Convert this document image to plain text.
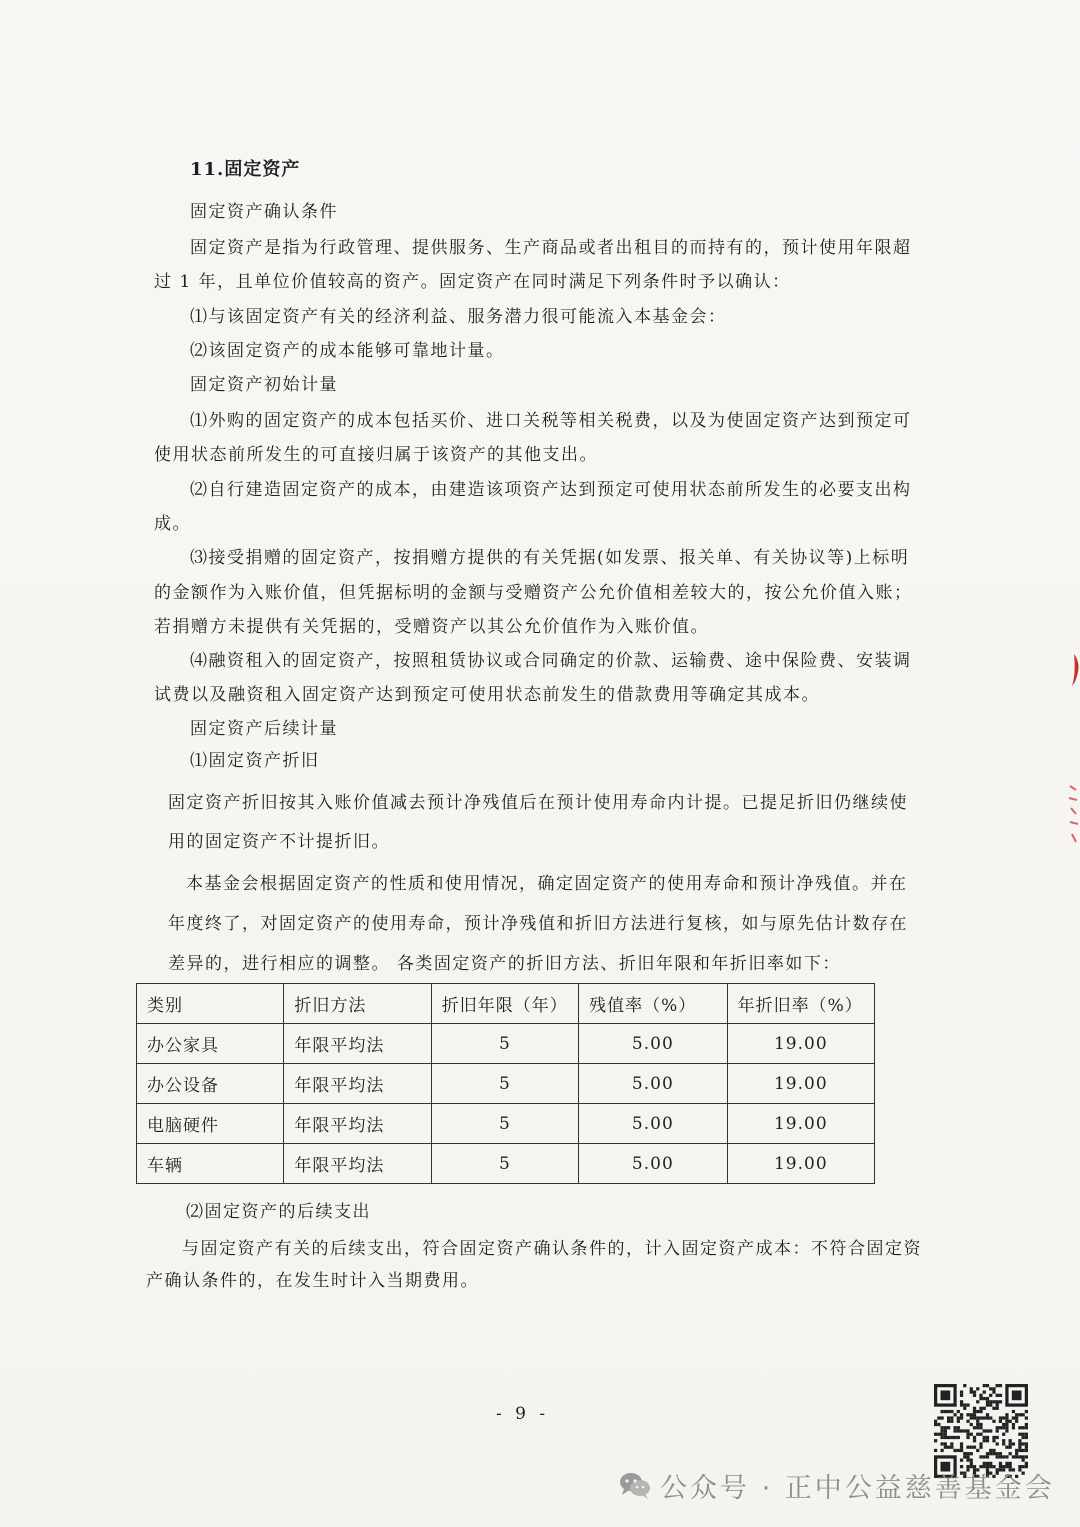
11.固定资产
固定资产确认条件
固定资产是指为行政管理、提供服务、生产商品或者出租目的而持有的，预计使用年限超
过 1 年，且单位价值较高的资产。固定资产在同时满足下列条件时予以确认：
⑴与该固定资产有关的经济利益、服务潜力很可能流入本基金会：
⑵该固定资产的成本能够可靠地计量。
固定资产初始计量
⑴外购的固定资产的成本包括买价、进口关税等相关税费，以及为使固定资产达到预定可
使用状态前所发生的可直接归属于该资产的其他支出。
⑵自行建造固定资产的成本，由建造该项资产达到预定可使用状态前所发生的必要支出构
成。
⑶接受捐赠的固定资产，按捐赠方提供的有关凭据(如发票、报关单、有关协议等)上标明
的金额作为入账价值，但凭据标明的金额与受赠资产公允价值相差较大的，按公允价值入账；
若捐赠方未提供有关凭据的，受赠资产以其公允价值作为入账价值。
⑷融资租入的固定资产，按照租赁协议或合同确定的价款、运输费、途中保险费、安装调
试费以及融资租入固定资产达到预定可使用状态前发生的借款费用等确定其成本。
固定资产后续计量
⑴固定资产折旧
固定资产折旧按其入账价值减去预计净残值后在预计使用寿命内计提。已提足折旧仍继续使
用的固定资产不计提折旧。
本基金会根据固定资产的性质和使用情况，确定固定资产的使用寿命和预计净残值。并在
年度终了，对固定资产的使用寿命，预计净残值和折旧方法进行复核，如与原先估计数存在
差异的，进行相应的调整。 各类固定资产的折旧方法、折旧年限和年折旧率如下：
类别	折旧方法	折旧年限（年）	残值率（%）	年折旧率（%）
办公家具	年限平均法	5	5.00	19.00
办公设备	年限平均法	5	5.00	19.00
电脑硬件	年限平均法	5	5.00	19.00
车辆	年限平均法	5	5.00	19.00
⑵固定资产的后续支出
与固定资产有关的后续支出，符合固定资产确认条件的，计入固定资产成本：不符合固定资
产确认条件的，在发生时计入当期费用。
- 9 -
公众号 · 正中公益慈善基金会
